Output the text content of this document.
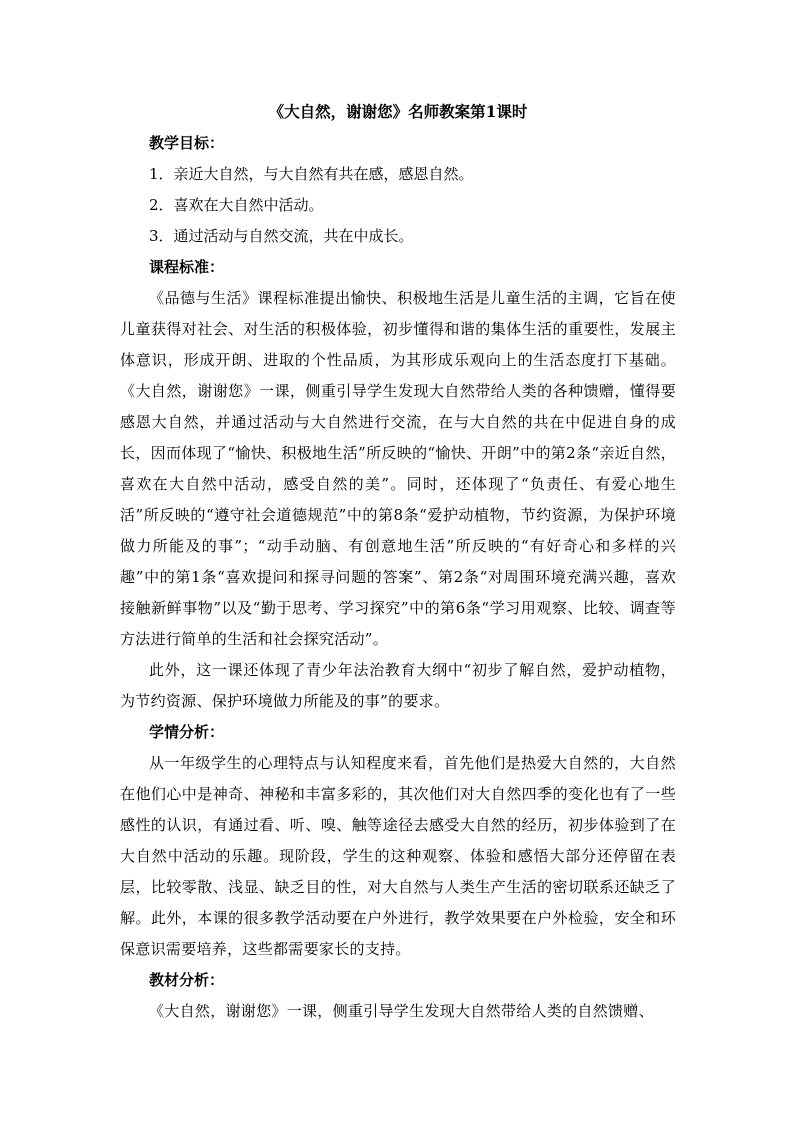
《大自然，谢谢您》名师教案第1课时
教学目标：
1．亲近大自然，与大自然有共在感，感恩自然。
2．喜欢在大自然中活动。
3．通过活动与自然交流，共在中成长。
课程标准：

《品德与生活》课程标准提出愉快、积极地生活是儿童生活的主调，它旨在使儿童获得对社会、对生活的积极体验，初步懂得和谐的集体生活的重要性，发展主体意识，形成开朗、进取的个性品质，为其形成乐观向上的生活态度打下基础。《大自然，谢谢您》一课，侧重引导学生发现大自然带给人类的各种馈赠，懂得要感恩大自然，并通过活动与大自然进行交流，在与大自然的共在中促进自身的成长，因而体现了“愉快、积极地生活”所反映的“愉快、开朗”中的第2条“亲近自然，喜欢在大自然中活动，感受自然的美”。同时，还体现了“负责任、有爱心地生活”所反映的“遵守社会道德规范”中的第8条“爱护动植物，节约资源，为保护环境做力所能及的事”；“动手动脑、有创意地生活”所反映的“有好奇心和多样的兴趣”中的第1条“喜欢提问和探寻问题的答案”、第2条“对周围环境充满兴趣，喜欢接触新鲜事物”以及“勤于思考、学习探究”中的第6条“学习用观察、比较、调查等方法进行简单的生活和社会探究活动”。

此外，这一课还体现了青少年法治教育大纲中“初步了解自然，爱护动植物，为节约资源、保护环境做力所能及的事”的要求。

学情分析：

从一年级学生的心理特点与认知程度来看，首先他们是热爱大自然的，大自然在他们心中是神奇、神秘和丰富多彩的，其次他们对大自然四季的变化也有了一些感性的认识，有通过看、听、嗅、触等途径去感受大自然的经历，初步体验到了在大自然中活动的乐趣。现阶段，学生的这种观察、体验和感悟大部分还停留在表层，比较零散、浅显、缺乏目的性，对大自然与人类生产生活的密切联系还缺乏了解。此外，本课的很多教学活动要在户外进行，教学效果要在户外检验，安全和环保意识需要培养，这些都需要家长的支持。

教材分析：

《大自然，谢谢您》一课，侧重引导学生发现大自然带给人类的自然馈赠、
